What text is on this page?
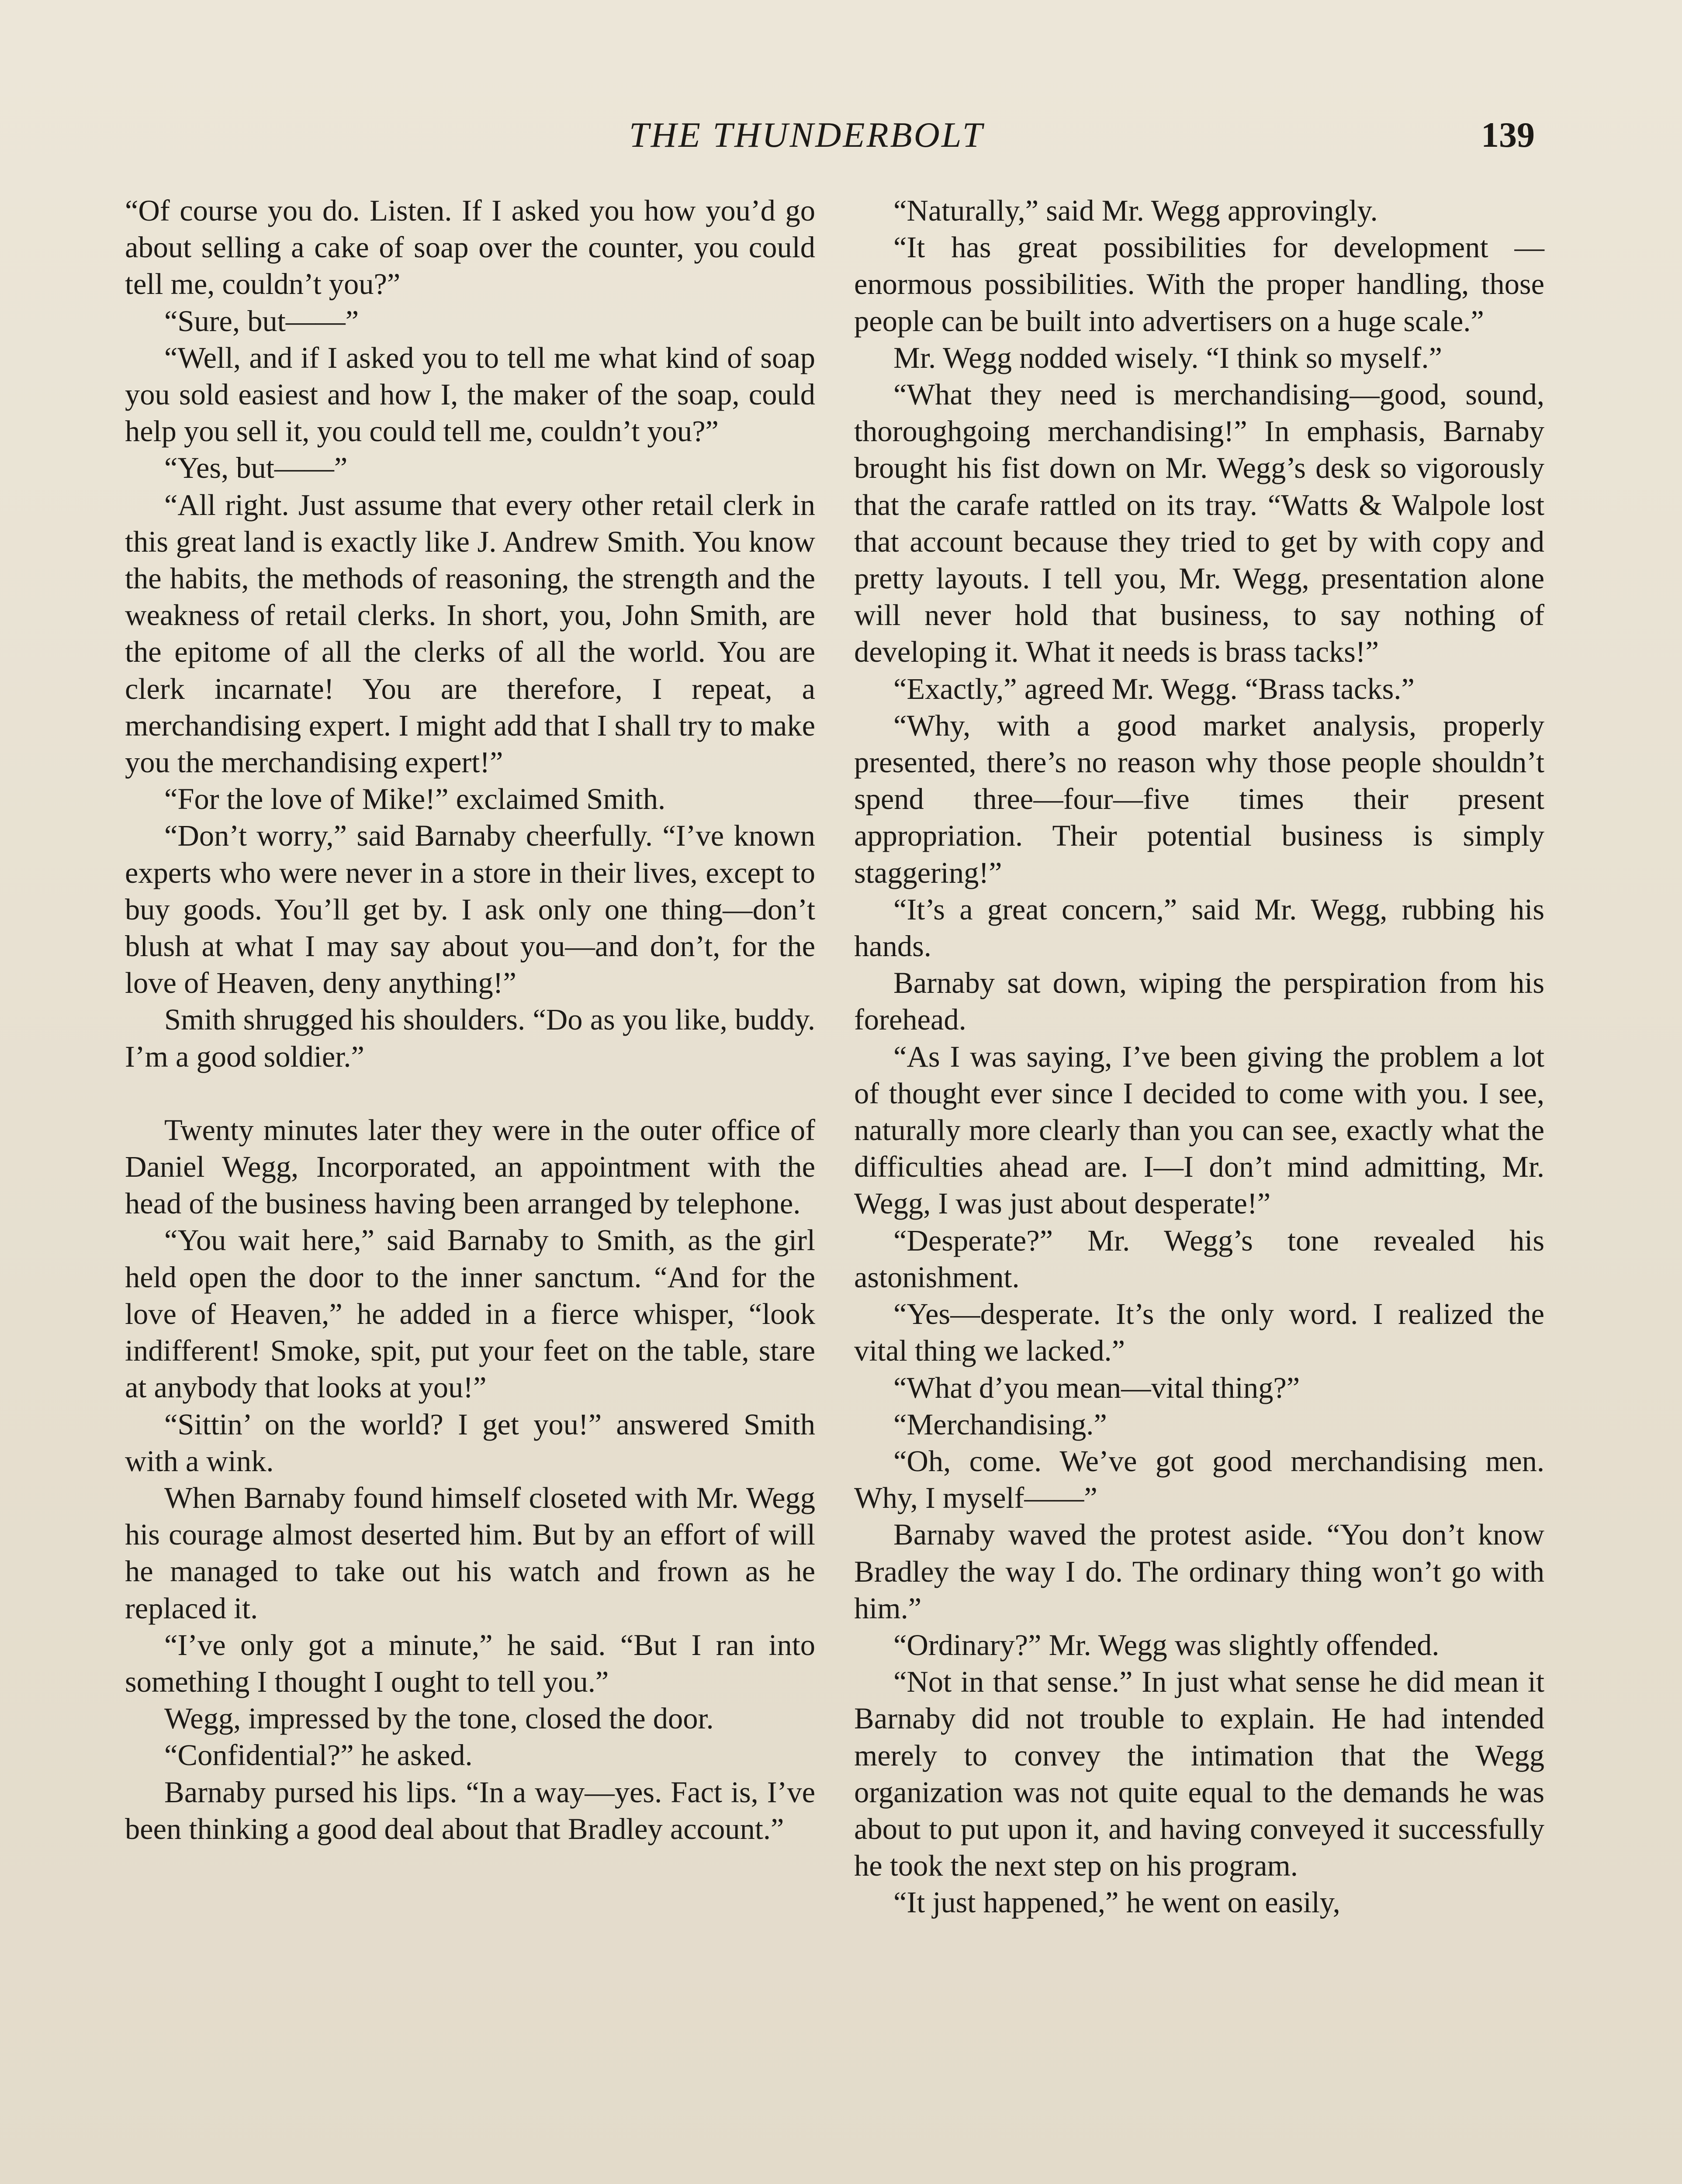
THE THUNDERBOLT	139

“Of course you do. Listen. If I asked you how you’d go about selling a cake of soap over the counter, you could tell me, couldn’t you?”

“Sure, but——”

“Well, and if I asked you to tell me what kind of soap you sold easiest and how I, the maker of the soap, could help you sell it, you could tell me, couldn’t you?”

“Yes, but——”

“All right. Just assume that every other retail clerk in this great land is exactly like J. Andrew Smith. You know the habits, the methods of reasoning, the strength and the weakness of retail clerks. In short, you, John Smith, are the epitome of all the clerks of all the world. You are clerk incarnate! You are therefore, I repeat, a merchandising expert. I might add that I shall try to make you the merchandising expert!”

“For the love of Mike!” exclaimed Smith.

“Don’t worry,” said Barnaby cheerfully. “I’ve known experts who were never in a store in their lives, except to buy goods. You’ll get by. I ask only one thing—don’t blush at what I may say about you—and don’t, for the love of Heaven, deny anything!”

Smith shrugged his shoulders. “Do as you like, buddy. I’m a good soldier.”

Twenty minutes later they were in the outer office of Daniel Wegg, Incorporated, an appointment with the head of the business having been arranged by telephone.

“You wait here,” said Barnaby to Smith, as the girl held open the door to the inner sanctum. “And for the love of Heaven,” he added in a fierce whisper, “look indifferent! Smoke, spit, put your feet on the table, stare at anybody that looks at you!”

“Sittin’ on the world? I get you!” answered Smith with a wink.

When Barnaby found himself closeted with Mr. Wegg his courage almost deserted him. But by an effort of will he managed to take out his watch and frown as he replaced it.

“I’ve only got a minute,” he said. “But I ran into something I thought I ought to tell you.”

Wegg, impressed by the tone, closed the door.

“Confidential?” he asked.

Barnaby pursed his lips. “In a way—yes. Fact is, I’ve been thinking a good deal about that Bradley account.”

“Naturally,” said Mr. Wegg approvingly.

“It has great possibilities for development —enormous possibilities. With the proper handling, those people can be built into advertisers on a huge scale.”

Mr. Wegg nodded wisely. “I think so myself.”

“What they need is merchandising—good, sound, thoroughgoing merchandising!” In emphasis, Barnaby brought his fist down on Mr. Wegg’s desk so vigorously that the carafe rattled on its tray. “Watts & Walpole lost that account because they tried to get by with copy and pretty layouts. I tell you, Mr. Wegg, presentation alone will never hold that business, to say nothing of developing it. What it needs is brass tacks!”

“Exactly,” agreed Mr. Wegg. “Brass tacks.”

“Why, with a good market analysis, properly presented, there’s no reason why those people shouldn’t spend three—four—five times their present appropriation. Their potential business is simply staggering!”

“It’s a great concern,” said Mr. Wegg, rubbing his hands.

Barnaby sat down, wiping the perspiration from his forehead.

“As I was saying, I’ve been giving the problem a lot of thought ever since I decided to come with you. I see, naturally more clearly than you can see, exactly what the difficulties ahead are. I—I don’t mind admitting, Mr. Wegg, I was just about desperate!”

“Desperate?” Mr. Wegg’s tone revealed his astonishment.

“Yes—desperate. It’s the only word. I realized the vital thing we lacked.”

“What d’you mean—vital thing?”

“Merchandising.”

“Oh, come. We’ve got good merchandising men. Why, I myself——”

Barnaby waved the protest aside. “You don’t know Bradley the way I do. The ordinary thing won’t go with him.”

“Ordinary?” Mr. Wegg was slightly offended.

“Not in that sense.” In just what sense he did mean it Barnaby did not trouble to explain. He had intended merely to convey the intimation that the Wegg organization was not quite equal to the demands he was about to put upon it, and having conveyed it successfully he took the next step on his program.

“It just happened,” he went on easily,
